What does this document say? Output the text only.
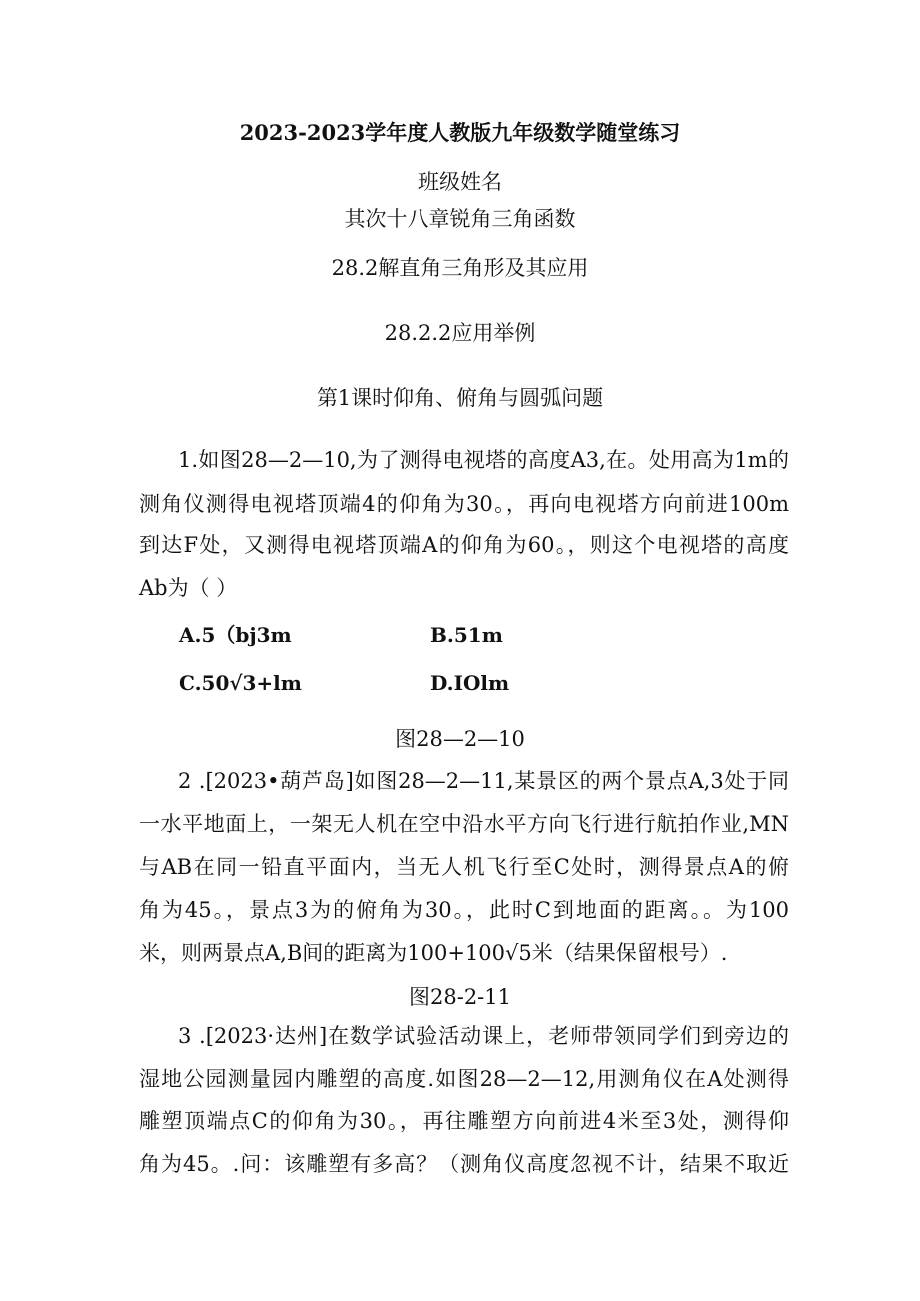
2023-2023学年度人教版九年级数学随堂练习
班级姓名
其次十八章锐角三角函数
28.2解直角三角形及其应用
28.2.2应用举例
第1课时仰角、俯角与圆弧问题
1.如图28—2—10,为了测得电视塔的高度A3,在。处用高为1m的
测角仪测得电视塔顶端4的仰角为30。，再向电视塔方向前进100m
到达F处，又测得电视塔顶端A的仰角为60。，则这个电视塔的高度
Ab为（ ）
A.5（bj3m	B.51m
C.50√3+lm	D.IOlm
图28—2—10
2 .[2023•葫芦岛]如图28—2—11,某景区的两个景点A,3处于同
一水平地面上，一架无人机在空中沿水平方向飞行进行航拍作业,MN
与AB在同一铅直平面内，当无人机飞行至C处时，测得景点A的俯
角为45。，景点3为的俯角为30。，此时C到地面的距离。。为100
米，则两景点A,B间的距离为100+100√5米（结果保留根号）.
图28-2-11
3 .[2023·达州]在数学试验活动课上，老师带领同学们到旁边的
湿地公园测量园内雕塑的高度.如图28—2—12,用测角仪在A处测得
雕塑顶端点C的仰角为30。，再往雕塑方向前进4米至3处，测得仰
角为45。.问：该雕塑有多高？（测角仪高度忽视不计，结果不取近
